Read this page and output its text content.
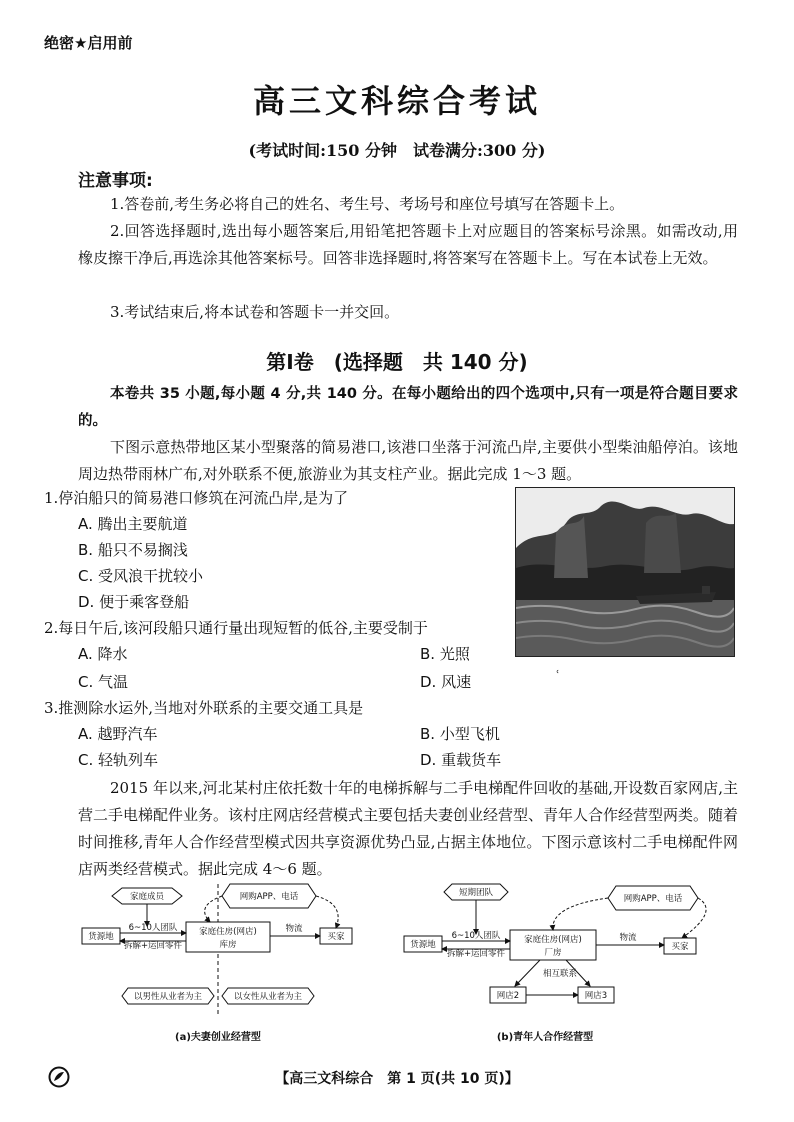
绝密★启用前
高三文科综合考试
(考试时间:150 分钟　试卷满分:300 分)
注意事项:
1.答卷前,考生务必将自己的姓名、考生号、考场号和座位号填写在答题卡上。
2.回答选择题时,选出每小题答案后,用铅笔把答题卡上对应题目的答案标号涂黑。如需改动,用橡皮擦干净后,再选涂其他答案标号。回答非选择题时,将答案写在答题卡上。写在本试卷上无效。
3.考试结束后,将本试卷和答题卡一并交回。
第Ⅰ卷　(选择题　共 140 分)
本卷共 35 小题,每小题 4 分,共 140 分。在每小题给出的四个选项中,只有一项是符合题目要求的。
下图示意热带地区某小型聚落的简易港口,该港口坐落于河流凸岸,主要供小型柴油船停泊。该地周边热带雨林广布,对外联系不便,旅游业为其支柱产业。据此完成 1～3 题。
1.停泊船只的简易港口修筑在河流凸岸,是为了
A. 腾出主要航道
B. 船只不易搁浅
C. 受风浪干扰较小
D. 便于乘客登船
2.每日午后,该河段船只通行量出现短暂的低谷,主要受制于
A. 降水	B. 光照
C. 气温	D. 风速
3.推测除水运外,当地对外联系的主要交通工具是
A. 越野汽车	B. 小型飞机
C. 轻轨列车	D. 重载货车
ʿ
2015 年以来,河北某村庄依托数十年的电梯拆解与二手电梯配件回收的基础,开设数百家网店,主营二手电梯配件业务。该村庄网店经营模式主要包括夫妻创业经营型、青年人合作经营型两类。随着时间推移,青年人合作经营型模式因共享资源优势凸显,占据主体地位。下图示意该村二手电梯配件网店两类经营模式。据此完成 4～6 题。
家庭成员	网购APP、电话
货源地	家庭住房(网店)
库房
6~10人团队
拆解+运回零件
买家
物流
以男性从业者为主	以女性从业者为主
(a)夫妻创业经营型
短期团队
网购APP、电话
货源地	家庭住房(网店)
厂房
6~10人团队
拆解+运回零件
买家
物流
相互联系
网店2	网店3
(b)青年人合作经营型
【高三文科综合　第 1 页(共 10 页)】
